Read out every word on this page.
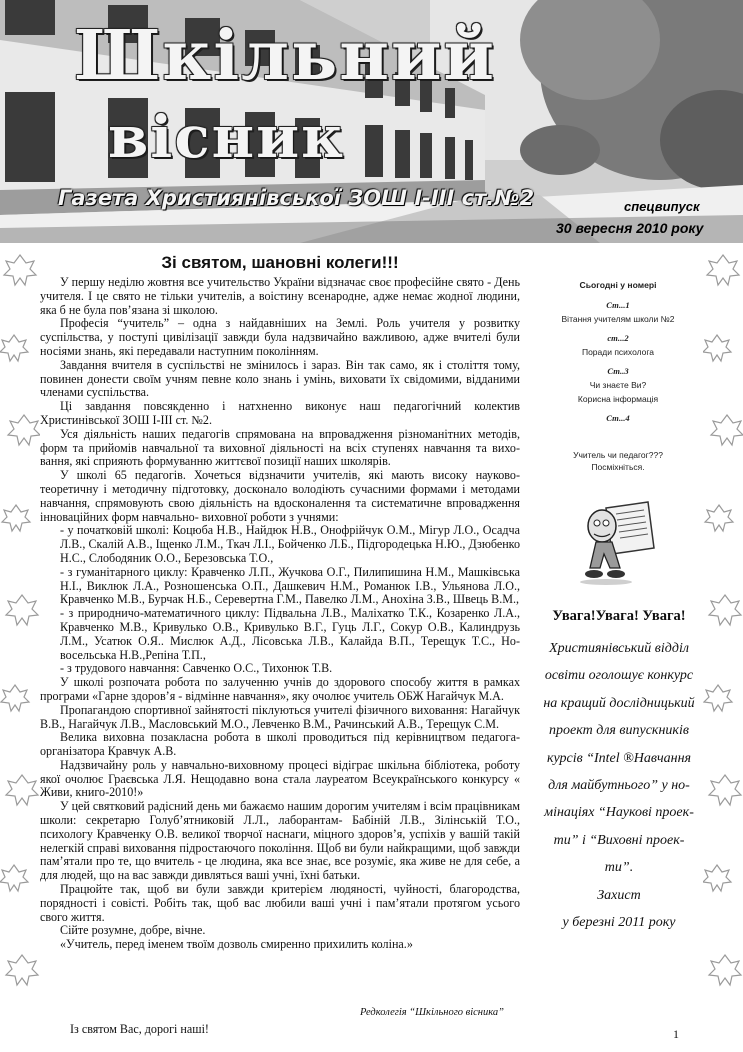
Шкільний
вісник
Газета Християнівської ЗОШ І-ІІІ ст.№2	спецвипуск
30 вересня 2010 року
Зі святом, шановні колеги!!!

У першу неділю жовтня все учительство України відзначає своє професійне свято - День учителя. І це свято не тільки учителів, а воістину всенародне, адже немає жодної людини, яка б не була пов’язана зі школою.

Професія “учитель” – одна з найдавніших на Землі. Роль учителя у розвитку суспільства, у поступі цивілізації завжди була надзвичайно важливою, адже вчителі були носіями знань, які передавали наступним поколінням.

Завдання вчителя в суспільстві не змінилось і зараз. Він так само, як і століття тому, повинен донести своїм учням певне коло знань і умінь, виховати їх свідомими, відданими членами суспільства.

Ці завдання повсякденно і натхненно виконує наш педагогічний колектив Христинівської ЗОШ І-ІІІ ст. №2.

Уся діяльність наших педагогів спрямована на впровадження різноманітних методів, форм та прийомів навчальної та виховної діяльності на всіх ступенях навчання та виховання, які сприяють формуванню життєвої позиції наших школярів.

У школі 65 педагогів. Хочеться відзначити учителів, які мають високу науково-теоретичну і методичну підготовку, досконало володіють сучасними формами і методами навчання, спрямовують свою діяльність на вдосконалення та систематичне впровадження інноваційних форм навчально- виховної роботи з учнями:

- у початковій школі: Коцюба Н.В., Найдюк Н.В., Онофрійчук О.М., Мігур Л.О., Осадча Л.В., Скалій А.В., Іщенко Л.М., Ткач Л.І., Бойченко Л.Б., Підгородецька Н.Ю., Дзюбенко Н.С., Слободяник О.О., Березовська Т.О.,

- з гуманітарного циклу: Кравченко Л.П., Жучкова О.Г., Пилипишина Н.М., Машківська Н.І., Виклюк Л.А., Розношенська О.П., Дашкевич Н.М., Романюк І.В., Ульянова Л.О., Кравченко М.В., Бурчак Н.Б., Серевертна Г.М., Павелко Л.М., Анохіна З.В., Швець В.М.,

- з природничо-математичного циклу: Підвальна Л.В., Маліхатко Т.К., Козаренко Л.А., Кравченко М.В., Кривулько О.В., Кривулько В.Г., Гуць Л.Г., Сокур О.В., Калиндрузь Л.М., Усатюк О.Я.. Мислюк А.Д., Лісовська Л.В., Калайда В.П., Терещук Т.С., Новосельська Н.В.,Репіна Т.П.,

- з трудового навчання: Савченко О.С., Тихонюк Т.В.

У школі розпочата робота по залученню учнів до здорового способу життя в рамках програми «Гарне здоров’я - відмінне навчання», яку очолює учитель ОБЖ Нагайчук М.А.

Пропагандою спортивної зайнятості піклуються учителі фізичного виховання: Нагайчук В.В., Нагайчук Л.В., Масловський М.О., Левченко В.М., Рачинський А.В., Терещук С.М.

Велика виховна позакласна робота в школі проводиться під керівництвом педагога-організатора Кравчук А.В.

Надзвичайну роль у навчально-виховному процесі відіграє шкільна бібліотека, роботу якої очолює Граєвська Л.Я. Нещодавно вона стала лауреатом Всеукраїнського конкурсу « Живи, книго-2010!»

У цей святковий радісний день ми бажаємо нашим дорогим учителям і всім працівникам школи: секретарю Голуб’ятниковій Л.Л., лаборантам- Бабіній Л.В., Зілінській Т.О., психологу Кравченку О.В. великої творчої наснаги, міцного здоров’я, успіхів у вашій такій нелегкій справі виховання підростаючого покоління. Щоб ви були найкращими, щоб завжди пам’ятали про те, що вчитель - це людина, яка все знає, все розуміє, яка живе не для себе, а для людей, що на вас завжди дивляться ваші учні, їхні батьки.

Працюйте так, щоб ви були завжди критерієм людяності, чуйності, благородства, порядності і совісті. Робіть так, щоб вас любили ваші учні і пам’ятали протягом усього свого життя.

Сійте розумне, добре, вічне.

«Учитель, перед іменем твоїм дозволь смиренно прихилить коліна.»

Редколегія “Шкільного вісника”
Із святом Вас, дорогі наші!	1
Сьогодні у номері
Ст...1
Вітання учителям школи №2
ст...2
Поради психолога
Ст..3
Чи знаєте Ви?
Корисна інформація
Ст...4
Учитель чи педагог???
Посміхніться.
Увага!Увага! Увага!
Християнівський відділ
освіти оголошує конкурс
на кращий дослідницький
проект для випускників
курсів “Intel ®Навчання
для майбутнього” у но-
мінаціях “Наукові проек-
ти” і “Виховні проек-
ти”.
Захист
у березні 2011 року
